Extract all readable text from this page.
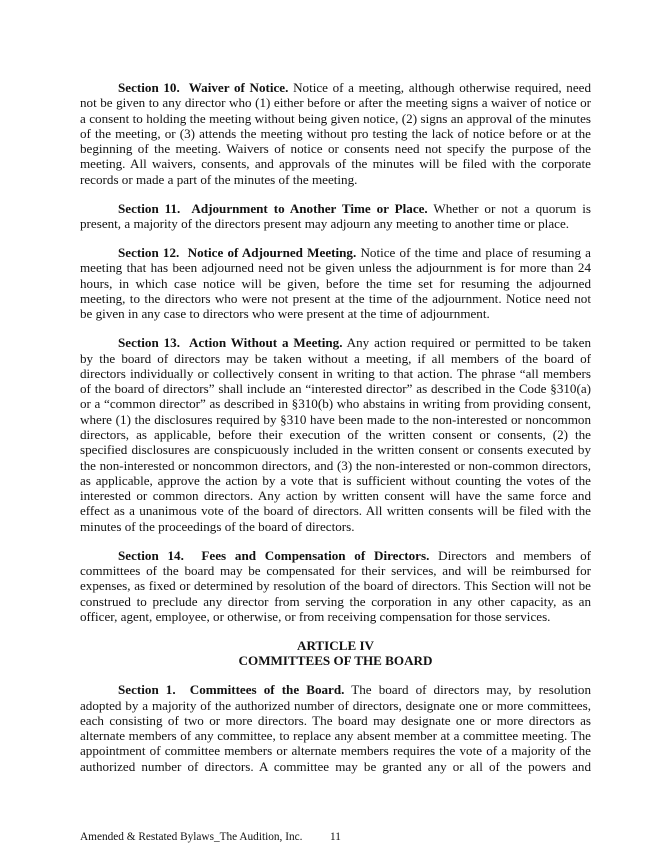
Section 10.  Waiver of Notice. Notice of a meeting, although otherwise required, need
not be given to any director who (1) either before or after the meeting signs a waiver of notice or
a consent to holding the meeting without being given notice, (2) signs an approval of the minutes
of the meeting, or (3) attends the meeting without pro testing the lack of notice before or at the
beginning of the meeting. Waivers of notice or consents need not specify the purpose of the
meeting. All waivers, consents, and approvals of the minutes will be filed with the corporate
records or made a part of the minutes of the meeting.
Section 11.  Adjournment to Another Time or Place. Whether or not a quorum is
present, a majority of the directors present may adjourn any meeting to another time or place.
Section 12.  Notice of Adjourned Meeting. Notice of the time and place of resuming a
meeting that has been adjourned need not be given unless the adjournment is for more than 24
hours, in which case notice will be given, before the time set for resuming the adjourned
meeting, to the directors who were not present at the time of the adjournment. Notice need not
be given in any case to directors who were present at the time of adjournment.
Section 13.  Action Without a Meeting. Any action required or permitted to be taken
by the board of directors may be taken without a meeting, if all members of the board of
directors individually or collectively consent in writing to that action. The phrase “all members
of the board of directors” shall include an “interested director” as described in the Code §310(a)
or a “common director” as described in §310(b) who abstains in writing from providing consent,
where (1) the disclosures required by §310 have been made to the non-interested or noncommon
directors, as applicable, before their execution of the written consent or consents, (2) the
specified disclosures are conspicuously included in the written consent or consents executed by
the non-interested or noncommon directors, and (3) the non-interested or non-common directors,
as applicable, approve the action by a vote that is sufficient without counting the votes of the
interested or common directors. Any action by written consent will have the same force and
effect as a unanimous vote of the board of directors. All written consents will be filed with the
minutes of the proceedings of the board of directors.
Section 14.  Fees and Compensation of Directors. Directors and members of
committees of the board may be compensated for their services, and will be reimbursed for
expenses, as fixed or determined by resolution of the board of directors. This Section will not be
construed to preclude any director from serving the corporation in any other capacity, as an
officer, agent, employee, or otherwise, or from receiving compensation for those services.
ARTICLE IV
COMMITTEES OF THE BOARD
Section 1.  Committees of the Board. The board of directors may, by resolution
adopted by a majority of the authorized number of directors, designate one or more committees,
each consisting of two or more directors. The board may designate one or more directors as
alternate members of any committee, to replace any absent member at a committee meeting. The
appointment of committee members or alternate members requires the vote of a majority of the
authorized number of directors. A committee may be granted any or all of the powers and
Amended & Restated Bylaws_The Audition, Inc. 11
